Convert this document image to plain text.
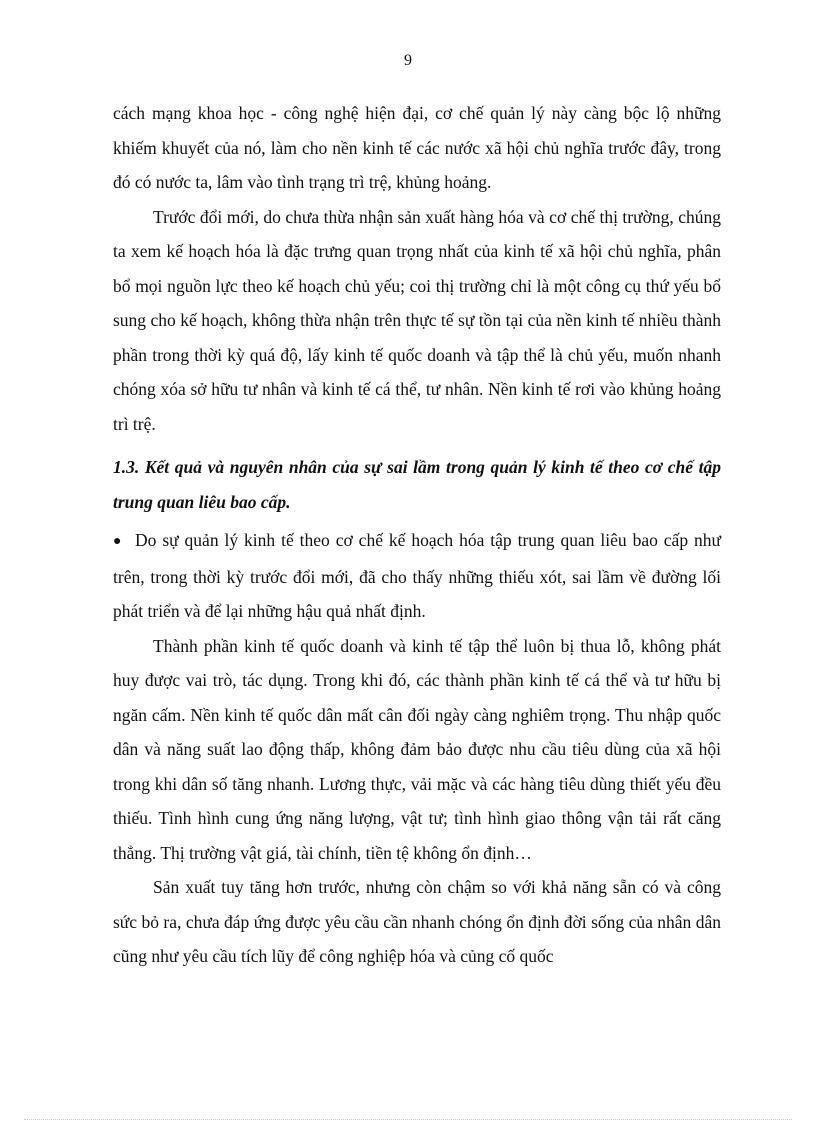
9

cách mạng khoa học - công nghệ hiện đại, cơ chế quản lý này càng bộc lộ những khiếm khuyết của nó, làm cho nền kinh tế các nước xã hội chủ nghĩa trước đây, trong đó có nước ta, lâm vào tình trạng trì trệ, khủng hoảng.

Trước đổi mới, do chưa thừa nhận sản xuất hàng hóa và cơ chế thị trường, chúng ta xem kế hoạch hóa là đặc trưng quan trọng nhất của kinh tế xã hội chủ nghĩa, phân bổ mọi nguồn lực theo kế hoạch chủ yếu; coi thị trường chỉ là một công cụ thứ yếu bổ sung cho kế hoạch, không thừa nhận trên thực tế sự tồn tại của nền kinh tế nhiều thành phần trong thời kỳ quá độ, lấy kinh tế quốc doanh và tập thể là chủ yếu, muốn nhanh chóng xóa sở hữu tư nhân và kinh tế cá thể, tư nhân. Nền kinh tế rơi vào khủng hoảng trì trệ.

1.3. Kết quả và nguyên nhân của sự sai lầm trong quản lý kinh tế theo cơ chế tập trung quan liêu bao cấp.

● Do sự quản lý kinh tế theo cơ chế kế hoạch hóa tập trung quan liêu bao cấp như trên, trong thời kỳ trước đổi mới, đã cho thấy những thiếu xót, sai lầm về đường lối phát triển và để lại những hậu quả nhất định.

Thành phần kinh tế quốc doanh và kinh tế tập thể luôn bị thua lỗ, không phát huy được vai trò, tác dụng. Trong khi đó, các thành phần kinh tế cá thể và tư hữu bị ngăn cấm. Nền kinh tế quốc dân mất cân đối ngày càng nghiêm trọng. Thu nhập quốc dân và năng suất lao động thấp, không đảm bảo được nhu cầu tiêu dùng của xã hội trong khi dân số tăng nhanh. Lương thực, vải mặc và các hàng tiêu dùng thiết yếu đều thiếu. Tình hình cung ứng năng lượng, vật tư; tình hình giao thông vận tải rất căng thẳng. Thị trường vật giá, tài chính, tiền tệ không ổn định…

Sản xuất tuy tăng hơn trước, nhưng còn chậm so với khả năng sẵn có và công sức bỏ ra, chưa đáp ứng được yêu cầu cần nhanh chóng ổn định đời sống của nhân dân cũng như yêu cầu tích lũy để công nghiệp hóa và củng cố quốc
